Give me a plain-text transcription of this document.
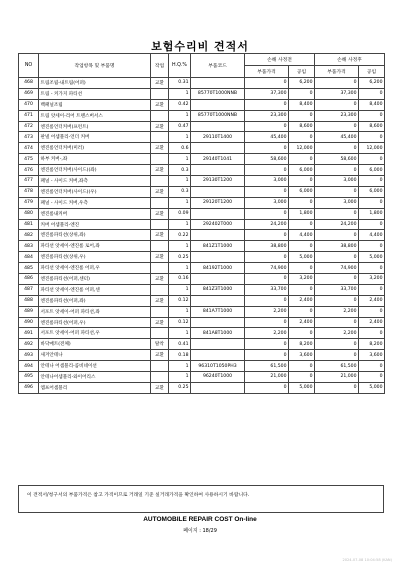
보험수리비 견적서
NO	작업항목 및 부품명	작업	H.Q.%	부품코드	손해 사정전		손해 사정후	
					부품가격	공임	부품가격	공임
468	트림조립-내트림(어퍼)	교환	0.31		0	6,200	0	6,200
469	트림 - 커가지 파티션		1	85770T1000NNB	37,300	0	37,300	0
470	백패널조립	교환	0.42		0	8,400	0	8,400
471	트림 앗세이-리어 트랜스버서스		1	85770T1000NNB	23,300	0	23,300	0
472	엔진룸언더커버(프런트)	교환	0.47		0	8,600	0	8,600
473	판넬 어셈블리-언더 커버		1	29110T1400	45,400	0	45,400	0
474	엔진룸언더커버(미러)	교환	0.6		0	12,000	0	12,000
475	하부 커버-,좌		1	29140T1041	58,600	0	58,600	0
476	엔진룸언더커버(사이드)(좌)	교환	0.3		0	6,000	0	6,000
477	패널 - 사이드 커버,좌측		1	29130T1200	3,000	0	3,000	0
478	엔진룸언더커버(사이드)(우)	교환	0.3		0	6,000	0	6,000
479	패널 - 사이드 커버,우측		1	29120T1200	3,000	0	3,000	0
480	엔진룸내커버	교환	0.09		0	1,800	0	1,800
481	커버 어셈블리-엔진		1	292402T000	24,200	0	24,200	0
482	엔진룸파티션(상위,좌)	교환	0.22		0	4,400	0	4,400
483	파티션 앗세이-엔진룸 로어,좌		1	841Z1T1000	38,800	0	38,800	0
484	엔진룸파티션(상위,우)	교환	0.25		0	5,000	0	5,000
485	파티션 앗세이-엔진룸 어퍼,우		1	84192T1000	74,900	0	74,900	0
486	엔진룸파티션(어퍼,센터)	교환	0.16		0	3,200	0	3,200
487	파티션 앗세이-엔진룸 어퍼,센		1	841Z3T1000	33,700	0	33,700	0
488	엔진룸파티션(어퍼,좌)	교환	0.12		0	2,400	0	2,400
489	서포트 앗세이-어퍼 파티션,좌		1	841A7T1000	2,200	0	2,200	0
490	엔진룸파티션(어퍼,우)	교환	0.12		0	2,400	0	2,400
491	서포트 앗세이-어퍼 파티션,우		1	841A8T1000	2,200	0	2,200	0
492	바닥매트(전체)	탈착	0.41		0	8,200	0	8,200
493	새겨안테나	교환	0.18		0	3,600	0	3,600
494	안테나 어셈블리-콤비네이션		1	96310T1050PH3	61,500	0	61,500	0
495	안테나어셈블리-와이어리스		1	96240T1000	21,000	0	21,000	0
496	엠프어셈블리	교환	0.25		0	5,000	0	5,000
이 견적서/청구서의 부품가격은 참고 가격이므로 거래일 기준 실거래가격을 확인하여 사용하시기 바랍니다.
AUTOMOBILE REPAIR COST On-line
페이지 : 18/29
2024-07-08 10:04:58 (KAN)
